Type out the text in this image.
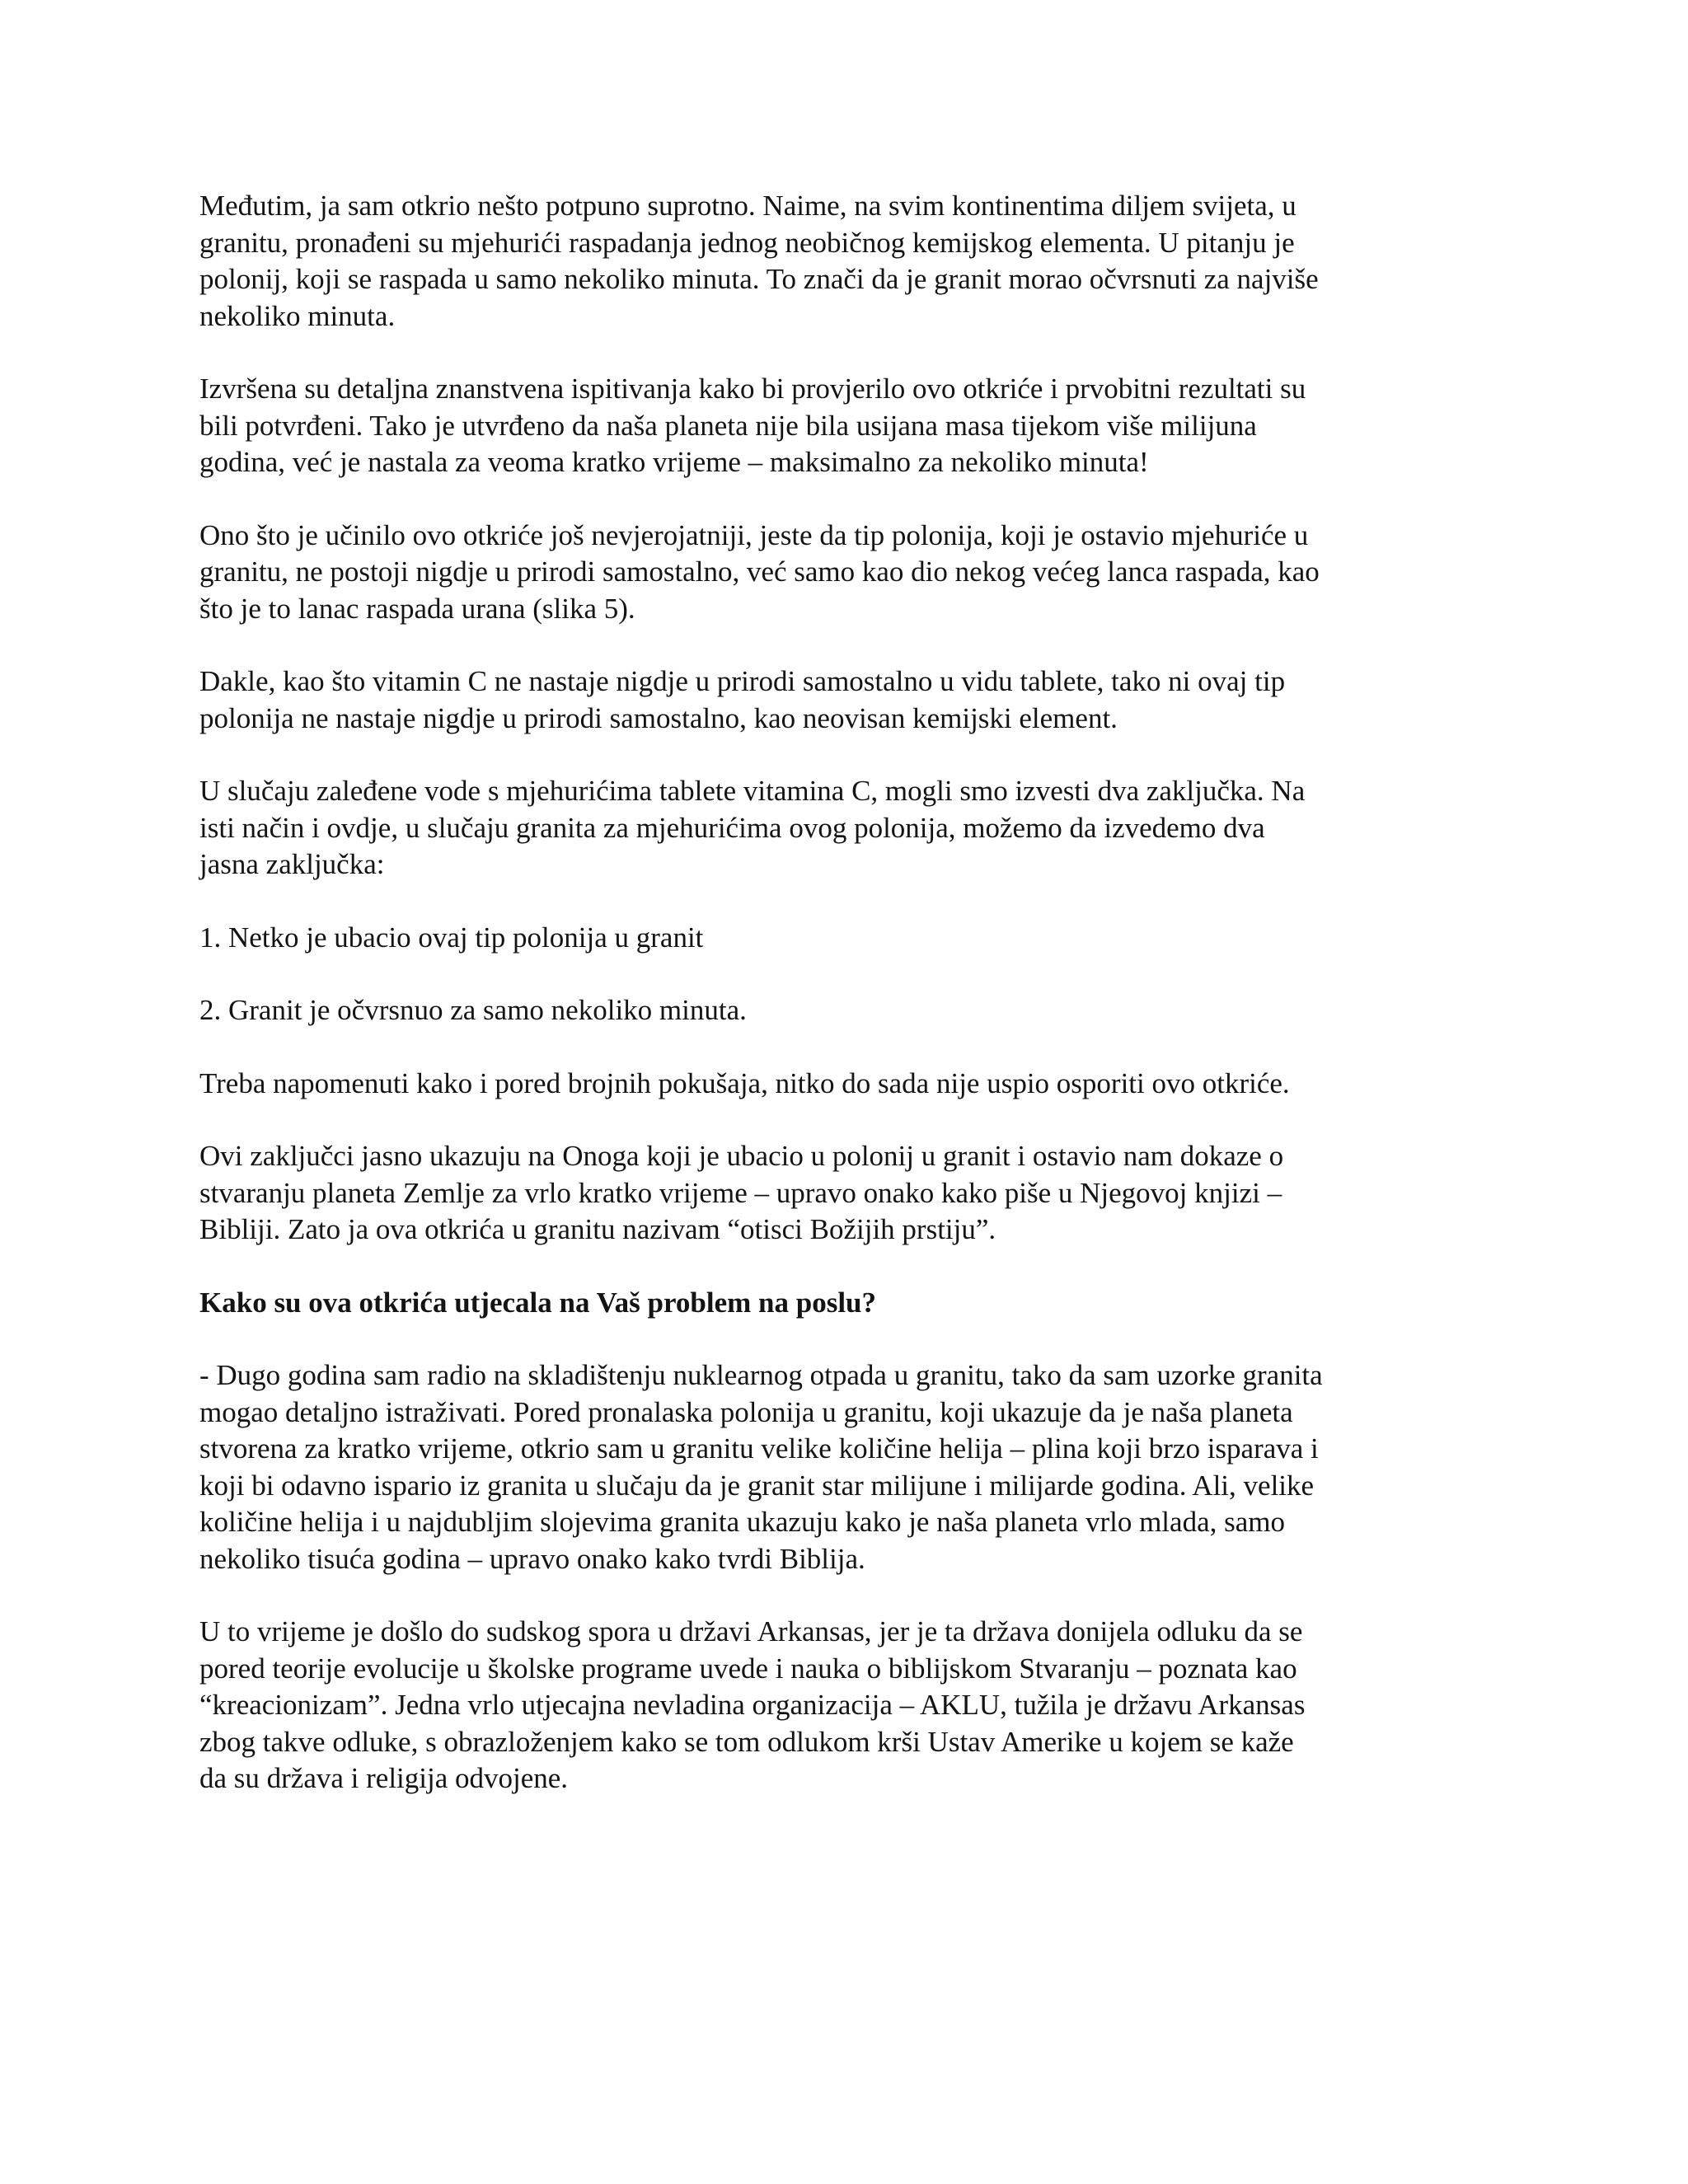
Međutim, ja sam otkrio nešto potpuno suprotno. Naime, na svim kontinentima diljem svijeta, u
granitu, pronađeni su mjehurići raspadanja jednog neobičnog kemijskog elementa. U pitanju je
polonij, koji se raspada u samo nekoliko minuta. To znači da je granit morao očvrsnuti za najviše
nekoliko minuta.
Izvršena su detaljna znanstvena ispitivanja kako bi provjerilo ovo otkriće i prvobitni rezultati su
bili potvrđeni. Tako je utvrđeno da naša planeta nije bila usijana masa tijekom više milijuna
godina, već je nastala za veoma kratko vrijeme – maksimalno za nekoliko minuta!
Ono što je učinilo ovo otkriće još nevjerojatniji, jeste da tip polonija, koji je ostavio mjehuriće u
granitu, ne postoji nigdje u prirodi samostalno, već samo kao dio nekog većeg lanca raspada, kao
što je to lanac raspada urana (slika 5).
Dakle, kao što vitamin C ne nastaje nigdje u prirodi samostalno u vidu tablete, tako ni ovaj tip
polonija ne nastaje nigdje u prirodi samostalno, kao neovisan kemijski element.
U slučaju zaleđene vode s mjehurićima tablete vitamina C, mogli smo izvesti dva zaključka. Na
isti način i ovdje, u slučaju granita za mjehurićima ovog polonija, možemo da izvedemo dva
jasna zaključka:
1. Netko je ubacio ovaj tip polonija u granit
2. Granit je očvrsnuo za samo nekoliko minuta.
Treba napomenuti kako i pored brojnih pokušaja, nitko do sada nije uspio osporiti ovo otkriće.
Ovi zaključci jasno ukazuju na Onoga koji je ubacio u polonij u granit i ostavio nam dokaze o
stvaranju planeta Zemlje za vrlo kratko vrijeme – upravo onako kako piše u Njegovoj knjizi –
Bibliji. Zato ja ova otkrića u granitu nazivam “otisci Božijih prstiju”.
Kako su ova otkrića utjecala na Vaš problem na poslu?
- Dugo godina sam radio na skladištenju nuklearnog otpada u granitu, tako da sam uzorke granita
mogao detaljno istraživati. Pored pronalaska polonija u granitu, koji ukazuje da je naša planeta
stvorena za kratko vrijeme, otkrio sam u granitu velike količine helija – plina koji brzo isparava i
koji bi odavno ispario iz granita u slučaju da je granit star milijune i milijarde godina. Ali, velike
količine helija i u najdubljim slojevima granita ukazuju kako je naša planeta vrlo mlada, samo
nekoliko tisuća godina – upravo onako kako tvrdi Biblija.
U to vrijeme je došlo do sudskog spora u državi Arkansas, jer je ta država donijela odluku da se
pored teorije evolucije u školske programe uvede i nauka o biblijskom Stvaranju – poznata kao
“kreacionizam”. Jedna vrlo utjecajna nevladina organizacija – AKLU, tužila je državu Arkansas
zbog takve odluke, s obrazloženjem kako se tom odlukom krši Ustav Amerike u kojem se kaže
da su država i religija odvojene.
